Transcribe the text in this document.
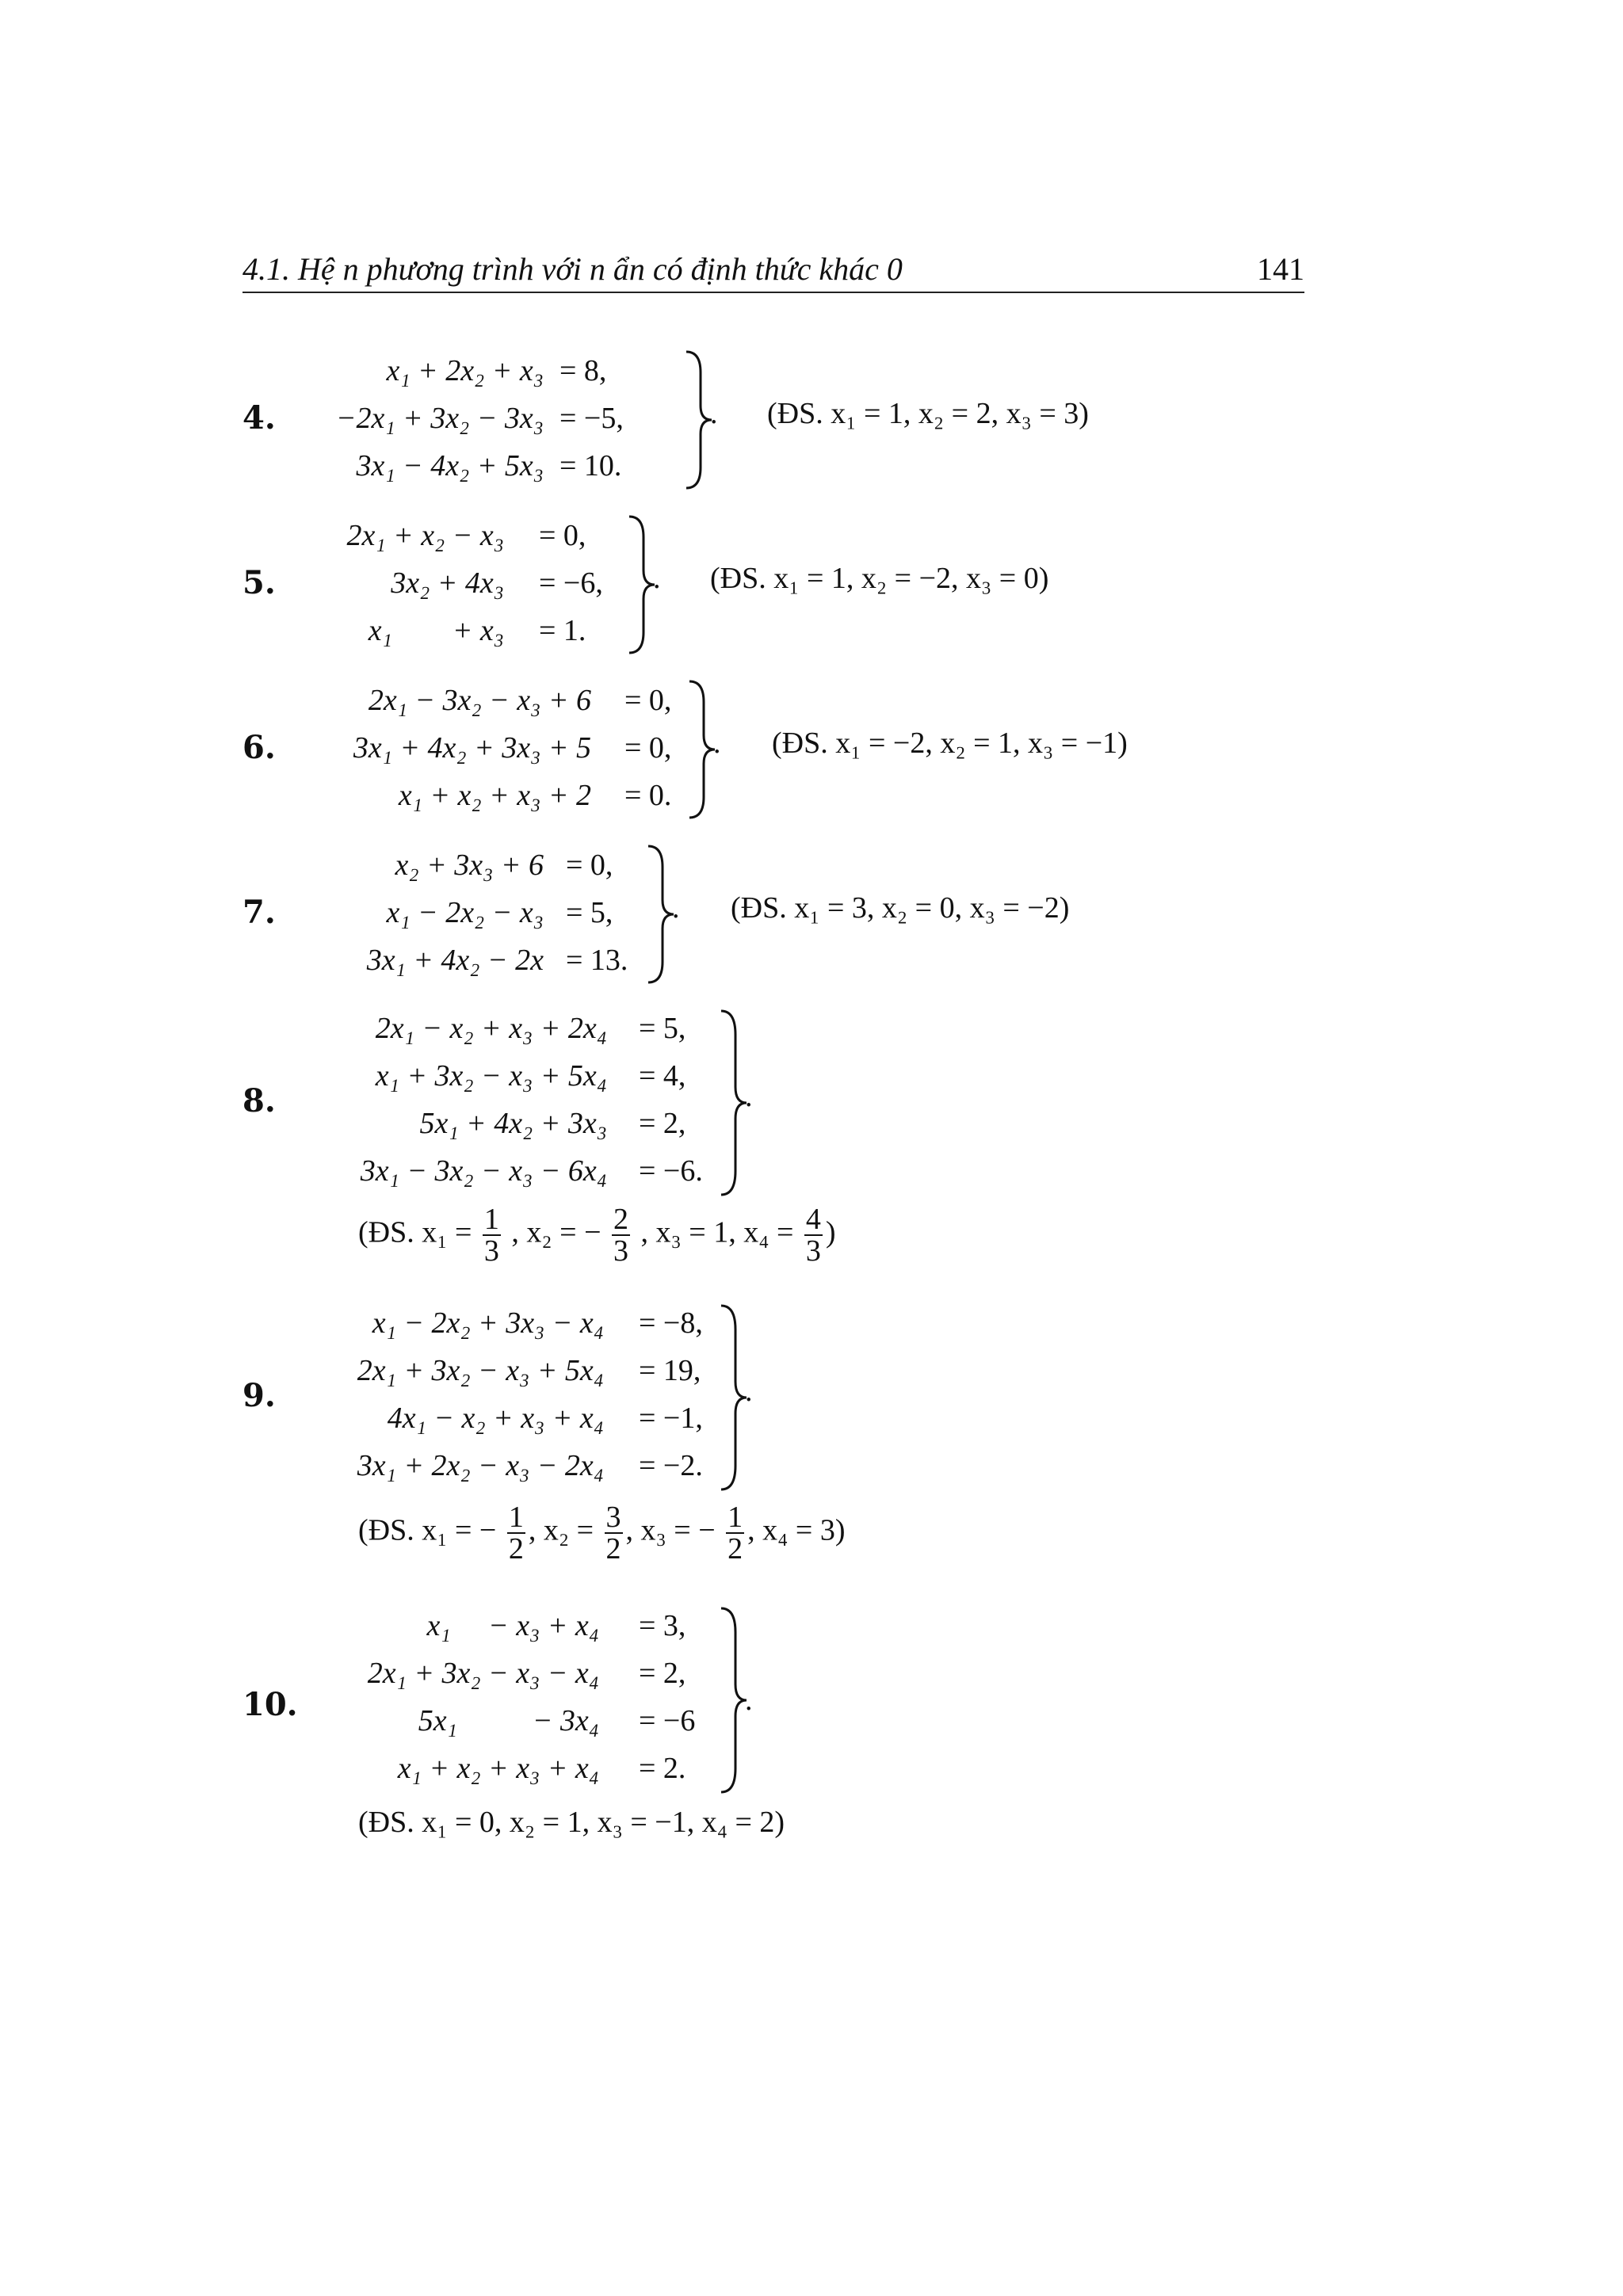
4.1. Hệ n phương trình với n ẩn có định thức khác 0	141
4.
x₁ + 2x₂ + x₃ = 8,
−2x₁ + 3x₂ − 3x₃ = −5,
3x₁ − 4x₂ + 5x₃ = 10.
. (ĐS. x₁ = 1, x₂ = 2, x₃ = 3)
5.
2x₁ + x₂ − x₃ = 0,
3x₂ + 4x₃ = −6,
x₁        + x₃ = 1.
. (ĐS. x₁ = 1, x₂ = −2, x₃ = 0)
6.
2x₁ − 3x₂ − x₃ + 6 = 0,
3x₁ + 4x₂ + 3x₃ + 5 = 0,
x₁ + x₂ + x₃ + 2 = 0.
. (ĐS. x₁ = −2, x₂ = 1, x₃ = −1)
7.
x₂ + 3x₃ + 6 = 0,
x₁ − 2x₂ − x₃ = 5,
3x₁ + 4x₂ − 2x = 13.
. (ĐS. x₁ = 3, x₂ = 0, x₃ = −2)
8.
2x₁ − x₂ + x₃ + 2x₄ = 5,
x₁ + 3x₂ − x₃ + 5x₄ = 4,
5x₁ + 4x₂ + 3x₃ = 2,
3x₁ − 3x₂ − x₃ − 6x₄ = −6.
.
(ĐS. $x_1 = \frac{1}{3}$ , x₂ = − $\frac{2}{3}$ , x₃ = 1, $x_4 = \frac{4}{3}$ )
9.
x₁ − 2x₂ + 3x₃ − x₄ = −8,
2x₁ + 3x₂ − x₃ + 5x₄ = 19,
4x₁ − x₂ + x₃ + x₄ = −1,
3x₁ + 2x₂ − x₃ − 2x₄ = −2.
.
(ĐS. x₁ = − $\frac{1}{2}$ , $x_2 = \frac{3}{2}$ , x₃ = − $\frac{1}{2}$ , x₄ = 3)
10.
x₁     − x₃ + x₄ = 3,
2x₁ + 3x₂ − x₃ − x₄ = 2,
5x₁          − 3x₄ = −6
x₁ + x₂ + x₃ + x₄ = 2.
.
(ĐS. x₁ = 0, x₂ = 1, x₃ = −1, x₄ = 2)
